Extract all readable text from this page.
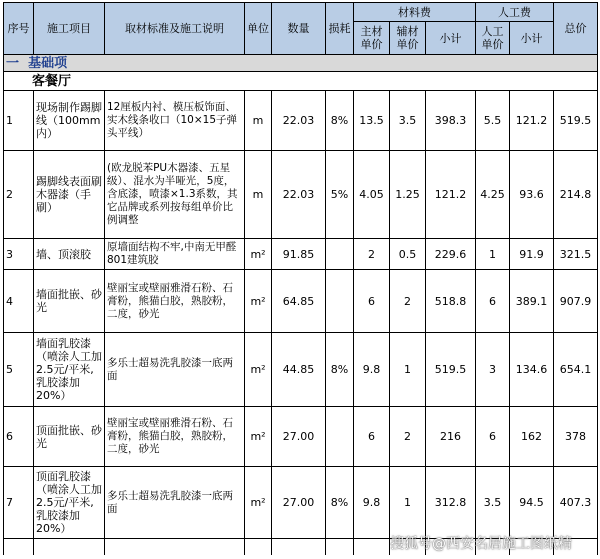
序号	施工项目	取材标准及施工说明	单位	数量	损耗	材料费			人工费		总价
						主材单价	辅材单价	小计	人工单价	小计	
一 基础项											
客餐厅											
1	现场制作踢脚线（100mm内）	12厘板内衬、模压板饰面、实木线条收口（10×15子弹头平线）	m	22.03	8%	13.5	3.5	398.3	5.5	121.2	519.5
2	踢脚线表面刷木器漆（手刷）	(欧龙脱苯PU木器漆、五星级）、混水为半哑光，5度，含底漆，喷漆×1.3系数，其它品牌或系列按每组单价比例调整	m	22.03	5%	4.05	1.25	121.2	4.25	93.6	214.8
3	墙、顶滚胶	原墙面结构不牢,中南无甲醛801建筑胶	m²	91.85		2	0.5	229.6	1	91.9	321.5
4	墙面批嵌、砂光	壁丽宝或壁丽雅滑石粉、石膏粉，熊猫白胶，熟胶粉，二度，砂光	m²	64.85		6	2	518.8	6	389.1	907.9
5	墙面乳胶漆（喷涂人工加2.5元/平米,乳胶漆加20%）	多乐士超易洗乳胶漆一底两面	m²	44.85	8%	9.8	1	519.5	3	134.6	654.1
6	顶面批嵌、砂光	壁丽宝或壁丽雅滑石粉、石膏粉，熊猫白胶，熟胶粉，二度，砂光	m²	27.00		6	2	216	6	162	378
7	顶面乳胶漆（喷涂人工加2.5元/平米,乳胶漆加20%）	多乐士超易洗乳胶漆一底两面	m²	27.00	8%	9.8	1	312.8	3.5	94.5	407.3

搜狐号@西安名居施工图纸精
